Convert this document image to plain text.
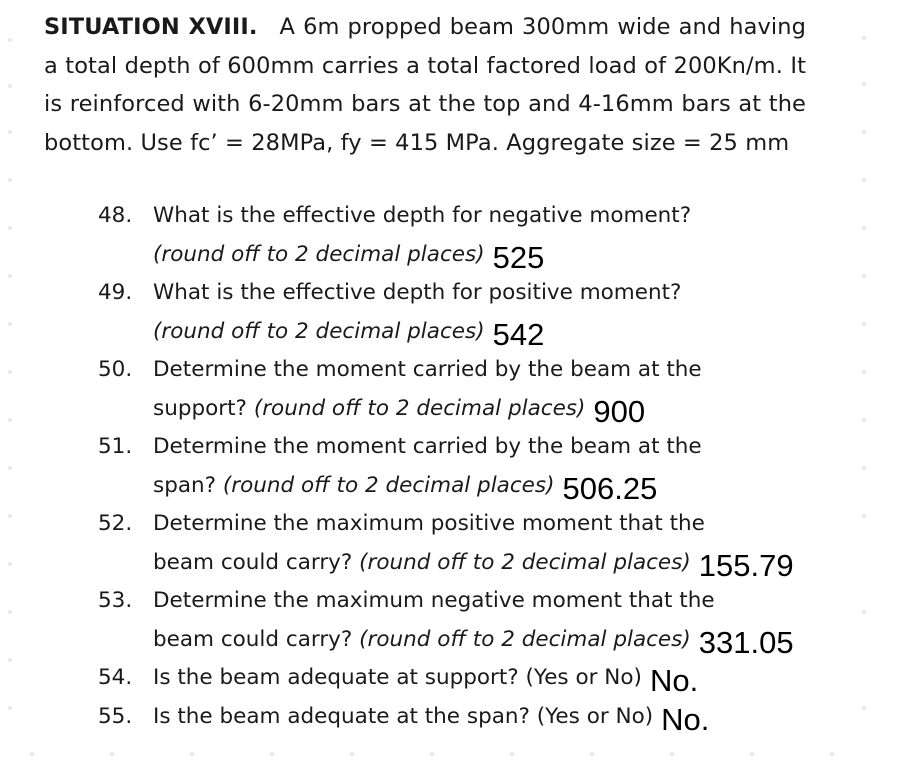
SITUATION XVIII. A 6m propped beam 300mm wide and having a total depth of 600mm carries a total factored load of 200Kn/m. It is reinforced with 6-20mm bars at the top and 4-16mm bars at the bottom. Use fc’ = 28MPa, fy = 415 MPa. Aggregate size = 25 mm
48. What is the effective depth for negative moment?
(round off to 2 decimal places) 525
49. What is the effective depth for positive moment?
(round off to 2 decimal places) 542
50. Determine the moment carried by the beam at the
support? (round off to 2 decimal places) 900
51. Determine the moment carried by the beam at the
span? (round off to 2 decimal places) 506.25
52. Determine the maximum positive moment that the
beam could carry? (round off to 2 decimal places) 155.79
53. Determine the maximum negative moment that the
beam could carry? (round off to 2 decimal places) 331.05
54. Is the beam adequate at support? (Yes or No) No.
55. Is the beam adequate at the span? (Yes or No) No.
